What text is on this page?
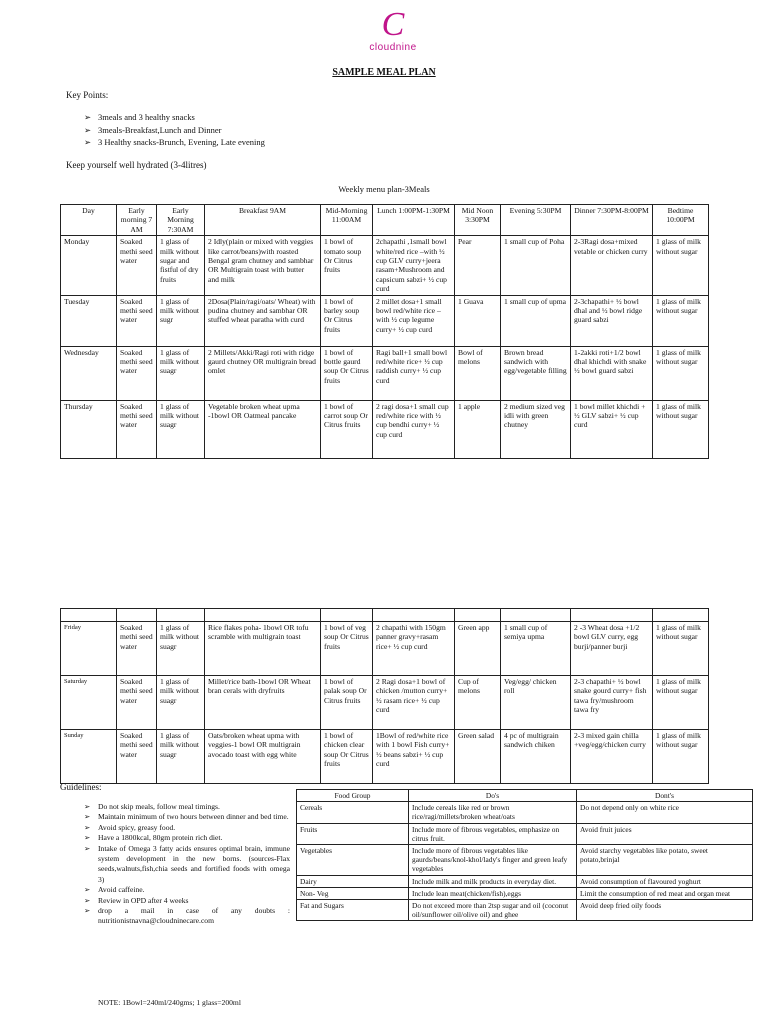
C
cloudnine
SAMPLE MEAL PLAN
Key Points:
➢ 3meals and 3 healthy snacks
➢ 3meals-Breakfast,Lunch and Dinner
➢ 3 Healthy snacks-Brunch, Evening, Late evening
Keep yourself well hydrated (3-4litres)
Weekly menu plan-3Meals
Day	Early morning 7 AM	Early Morning 7:30AM	Breakfast 9AM	Mid-Morning 11:00AM	Lunch 1:00PM-1:30PM	Mid Noon 3:30PM	Evening 5:30PM	Dinner 7:30PM-8:00PM	Bedtime 10:00PM
Monday	Soaked methi seed water	1 glass of milk without sugar and fistful of dry fruits	2 Idly(plain or mixed with veggies like carrot/beans)with roasted Bengal gram chutney and sambhar OR Multigrain toast with butter and milk	1 bowl of tomato soup Or Citrus fruits	2chapathi ,1small bowl white/red rice –with ½ cup GLV curry+jeera rasam+Mushroom and capsicum sabzi+ ½ cup curd	Pear	1 small cup of Poha	2-3Ragi dosa+mixed vetable or chicken curry	1 glass of milk without sugar
Tuesday	Soaked methi seed water	1 glass of milk without sugr	2Dosa(Plain/ragi/oats/ Wheat) with pudina chutney and sambhar OR stuffed wheat paratha with curd	1 bowl of barley soup Or Citrus fruits	2 millet dosa+1 small bowl red/white rice – with ½ cup legume curry+ ½ cup curd	1 Guava	1 small cup of upma	2-3chapathi+ ½ bowl dhal and ½ bowl ridge guard sabzi	1 glass of milk without sugar
Wednesday	Soaked methi seed water	1 glass of milk without suagr	2 Millets/Akki/Ragi roti with ridge gaurd chutney OR multigrain bread omlet	1 bowl of bottle gaurd soup Or Citrus fruits	Ragi ball+1 small bowl red/white rice+ ½ cup raddish curry+ ½ cup curd	Bowl of melons	Brown bread sandwich with egg/vegetable filling	1-2akki roti+1/2 bowl dhal khichdi with snake ½ bowl guard sabzi	1 glass of milk without sugar
Thursday	Soaked methi seed water	1 glass of milk without suagr	Vegetable broken wheat upma -1bowl OR Oatmeal pancake	1 bowl of carrot soup Or Citrus fruits	2 ragi dosa+1 small cup red/white rice with ½ cup bendhi curry+ ½ cup curd	1 apple	2 medium sized veg idli with green chutney	1 bowl millet khichdi + ½ GLV sabzi+ ½ cup curd	1 glass of milk without sugar

Friday	Soaked methi seed water	1 glass of milk without suagr	Rice flakes poha- 1bowl OR tofu scramble with multigrain toast	1 bowl of veg soup Or Citrus fruits	2 chapathi with 150gm panner gravy+rasam rice+ ½ cup curd	Green app	1 small cup of semiya upma	2 -3 Wheat dosa +1/2 bowl GLV curry, egg burji/panner burji	1 glass of milk without sugar
Saturday	Soaked methi seed water	1 glass of milk without suagr	Millet/rice bath-1bowl OR Wheat bran cerals with dryfruits	1 bowl of palak soup Or Citrus fruits	2 Ragi dosa+1 bowl of chicken /mutton curry+ ½ rasam rice+ ½ cup curd	Cup of melons	Veg/egg/ chicken roll	2-3 chapathi+ ½ bowl snake gourd curry+ fish tawa fry/mushroom tawa fry	1 glass of milk without sugar
Sunday	Soaked methi seed water	1 glass of milk without suagr	Oats/broken wheat upma with veggies-1 bowl OR multigrain avocado toast with egg white	1 bowl of chicken clear soup Or Citrus fruits	1Bowl of red/white rice with 1 bowl Fish curry+ ½ beans sabzi+ ½ cup curd	Green salad	4 pc of multigrain sandwich chiken	2-3 mixed gain chilla +veg/egg/chicken curry	1 glass of milk without sugar
Guidelines:
➢ Do not skip meals, follow meal timings.
➢ Maintain minimum of two hours between dinner and bed time.
➢ Avoid spicy, greasy food.
➢ Have a 1800kcal, 80gm protein rich diet.
➢ Intake of Omega 3 fatty acids ensures optimal brain, immune system development in the new borns. (sources-Flax seeds,walnuts,fish,chia seeds and fortified foods with omega 3)
➢ Avoid caffeine.
➢ Review in OPD after 4 weeks
➢ drop a mail in case of any doubts : nutritionistnavna@cloudninecare.com
NOTE: 1Bowl=240ml/240gms; 1 glass=200ml
Food Group	Do's	Dont's
Cereals	Include cereals like red or brown rice/ragi/millets/broken wheat/oats	Do not depend only on white rice
Fruits	Include more of fibrous vegetables, emphasize on citrus fruit.	Avoid fruit juices
Vegetables	Include more of fibrous vegetables like gaurds/beans/knol-khol/lady's finger and green leafy vegetables	Avoid starchy vegetables like potato, sweet potato,brinjal
Dairy	Include milk and milk products in everyday diet.	Avoid consumption of flavoured yoghurt
Non- Veg	Include lean meat(chicken/fish),eggs	Limit the consumption of red meat and organ meat
Fat and Sugars	Do not exceed more than 2tsp sugar and oil (coconut oil/sunflower oil/olive oil) and ghee	Avoid deep fried oily foods
